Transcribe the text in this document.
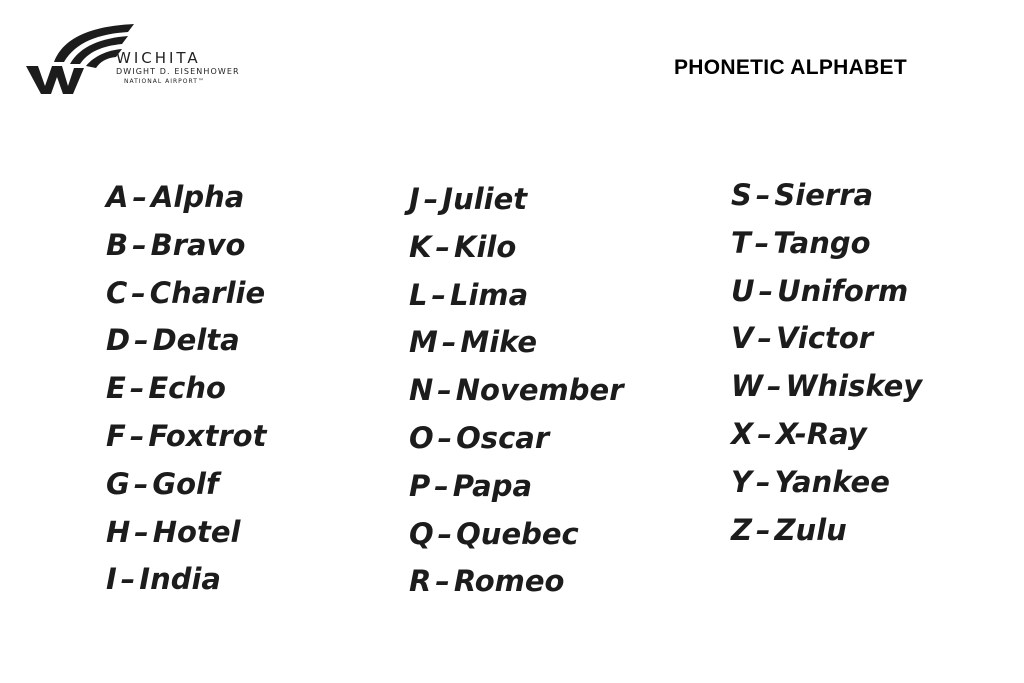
WICHITA
DWIGHT D. EISENHOWER
NATIONAL AIRPORT™
PHONETIC ALPHABET
A – Alpha
B – Bravo
C – Charlie
D – Delta
E – Echo
F – Foxtrot
G – Golf
H – Hotel
I – India
J – Juliet
K – Kilo
L – Lima
M – Mike
N – November
O – Oscar
P – Papa
Q – Quebec
R – Romeo
S – Sierra
T – Tango
U – Uniform
V – Victor
W – Whiskey
X – X-Ray
Y – Yankee
Z – Zulu
